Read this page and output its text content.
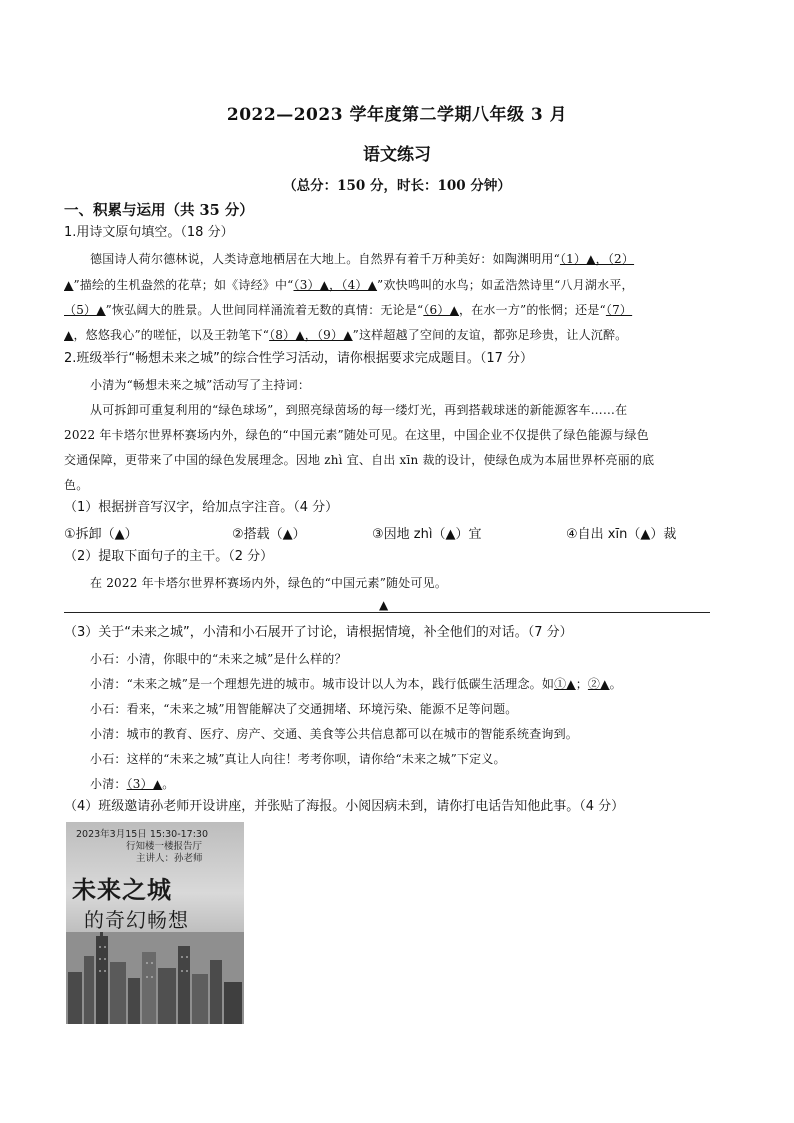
2022—2023 学年度第二学期八年级 3 月
语文练习
（总分：150 分，时长：100 分钟）
一、积累与运用（共 35 分）
1.用诗文原句填空。（18 分）
德国诗人荷尔德林说，人类诗意地栖居在大地上。自然界有着千万种美好：如陶渊明用“（1）▲，（2）
▲”描绘的生机盎然的花草；如《诗经》中“（3）▲，（4）▲”欢快鸣叫的水鸟；如孟浩然诗里“八月湖水平，
（5）▲”恢弘阔大的胜景。人世间同样涌流着无数的真情：无论是“（6）▲，在水一方”的怅惘；还是“（7）
▲，悠悠我心”的嗟怔，以及王勃笔下“（8）▲，（9）▲”这样超越了空间的友谊，都弥足珍贵，让人沉醉。
2.班级举行“畅想未来之城”的综合性学习活动，请你根据要求完成题目。（17 分）
小清为“畅想未来之城”活动写了主持词：
从可拆卸可重复利用的“绿色球场”，到照亮绿茵场的每一缕灯光，再到搭载球迷的新能源客车……在
2022 年卡塔尔世界杯赛场内外，绿色的“中国元素”随处可见。在这里，中国企业不仅提供了绿色能源与绿色
交通保障，更带来了中国的绿色发展理念。因地 zhì 宜、自出 xīn 裁的设计，使绿色成为本届世界杯亮丽的底
色。
（1）根据拼音写汉字，给加点字注音。（4 分）
①拆卸（▲）	②搭载（▲）	③因地 zhì（▲）宜	④自出 xīn（▲）裁
（2）提取下面句子的主干。（2 分）
在 2022 年卡塔尔世界杯赛场内外，绿色的“中国元素”随处可见。
▲
（3）关于“未来之城”，小清和小石展开了讨论，请根据情境，补全他们的对话。（7 分）
小石：小清，你眼中的“未来之城”是什么样的？
小清：“未来之城”是一个理想先进的城市。城市设计以人为本，践行低碳生活理念。如①▲；②▲。
小石：看来，“未来之城”用智能解决了交通拥堵、环境污染、能源不足等问题。
小清：城市的教育、医疗、房产、交通、美食等公共信息都可以在城市的智能系统查询到。
小石：这样的“未来之城”真让人向往！考考你呗，请你给“未来之城”下定义。
小清：（3）▲。
（4）班级邀请孙老师开设讲座，并张贴了海报。小阅因病未到，请你打电话告知他此事。（4 分）
2023年3月15日 15:30-17:30
行知楼一楼报告厅
主讲人：孙老师
未来之城
的奇幻畅想
